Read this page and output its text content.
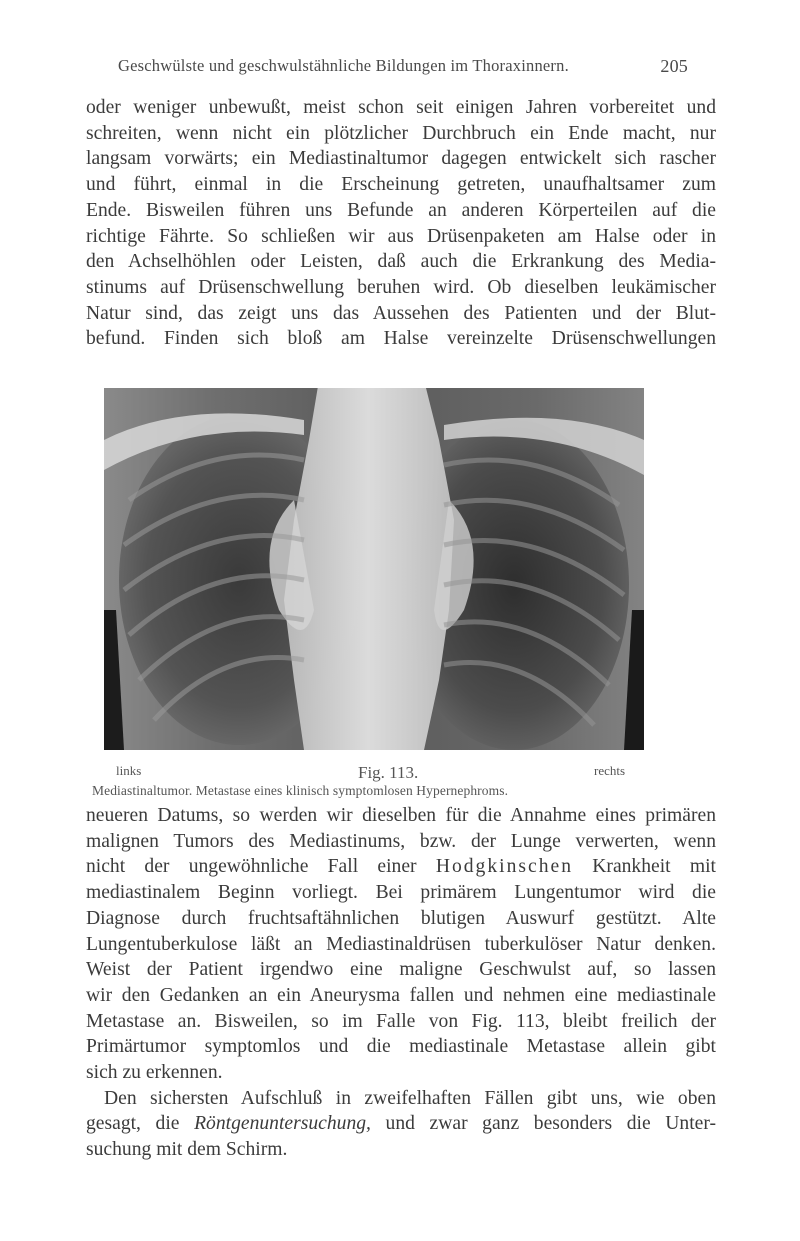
Geschwülste und geschwulstähnliche Bildungen im Thoraxinnern.	205
oder weniger unbewußt, meist schon seit einigen Jahren vorbereitet und
schreiten, wenn nicht ein plötzlicher Durchbruch ein Ende macht, nur
langsam vorwärts; ein Mediastinaltumor dagegen entwickelt sich rascher
und führt, einmal in die Erscheinung getreten, unaufhaltsamer zum
Ende. Bisweilen führen uns Befunde an anderen Körperteilen auf die
richtige Fährte. So schließen wir aus Drüsenpaketen am Halse oder in
den Achselhöhlen oder Leisten, daß auch die Erkrankung des Media-
stinums auf Drüsenschwellung beruhen wird. Ob dieselben leukämischer
Natur sind, das zeigt uns das Aussehen des Patienten und der Blut-
befund. Finden sich bloß am Halse vereinzelte Drüsenschwellungen
links	Fig. 113.	rechts
Mediastinaltumor. Metastase eines klinisch symptomlosen Hypernephroms.
neueren Datums, so werden wir dieselben für die Annahme eines primären
malignen Tumors des Mediastinums, bzw. der Lunge verwerten, wenn
nicht der ungewöhnliche Fall einer Hodgkinschen Krankheit mit
mediastinalem Beginn vorliegt. Bei primärem Lungentumor wird die
Diagnose durch fruchtsaftähnlichen blutigen Auswurf gestützt. Alte
Lungentuberkulose läßt an Mediastinaldrüsen tuberkulöser Natur denken.
Weist der Patient irgendwo eine maligne Geschwulst auf, so lassen
wir den Gedanken an ein Aneurysma fallen und nehmen eine mediastinale
Metastase an. Bisweilen, so im Falle von Fig. 113, bleibt freilich der
Primärtumor symptomlos und die mediastinale Metastase allein gibt
sich zu erkennen.
Den sichersten Aufschluß in zweifelhaften Fällen gibt uns, wie oben
gesagt, die Röntgenuntersuchung, und zwar ganz besonders die Unter-
suchung mit dem Schirm.
